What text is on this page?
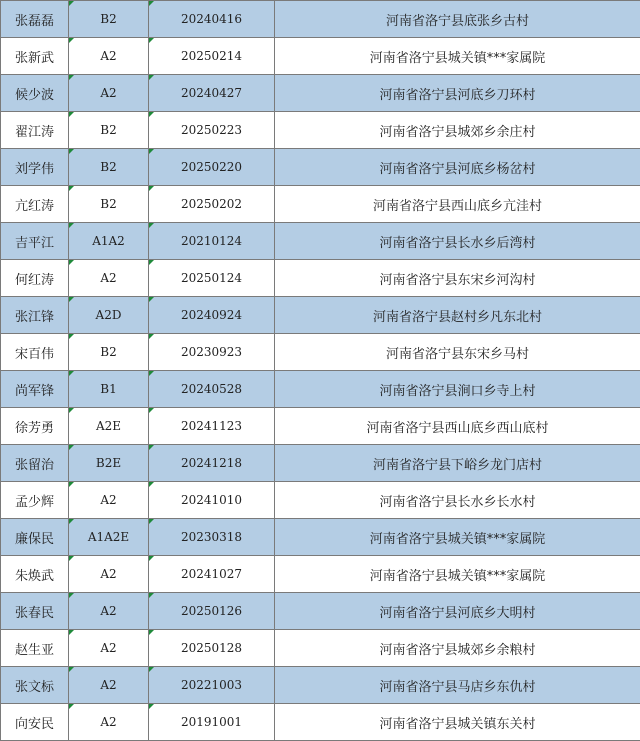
张磊磊	B2	20240416	河南省洛宁县底张乡古村
张新武	A2	20250214	河南省洛宁县城关镇***家属院
候少波	A2	20240427	河南省洛宁县河底乡刀环村
翟江涛	B2	20250223	河南省洛宁县城郊乡余庄村
刘学伟	B2	20250220	河南省洛宁县河底乡杨岔村
亢红涛	B2	20250202	河南省洛宁县西山底乡亢洼村
吉平江	A1A2	20210124	河南省洛宁县长水乡后湾村
何红涛	A2	20250124	河南省洛宁县东宋乡河沟村
张江锋	A2D	20240924	河南省洛宁县赵村乡凡东北村
宋百伟	B2	20230923	河南省洛宁县东宋乡马村
尚军锋	B1	20240528	河南省洛宁县涧口乡寺上村
徐芳勇	A2E	20241123	河南省洛宁县西山底乡西山底村
张留治	B2E	20241218	河南省洛宁县下峪乡龙门店村
孟少辉	A2	20241010	河南省洛宁县长水乡长水村
廉保民	A1A2E	20230318	河南省洛宁县城关镇***家属院
朱焕武	A2	20241027	河南省洛宁县城关镇***家属院
张春民	A2	20250126	河南省洛宁县河底乡大明村
赵生亚	A2	20250128	河南省洛宁县城郊乡余粮村
张文标	A2	20221003	河南省洛宁县马店乡东仇村
向安民	A2	20191001	河南省洛宁县城关镇东关村
